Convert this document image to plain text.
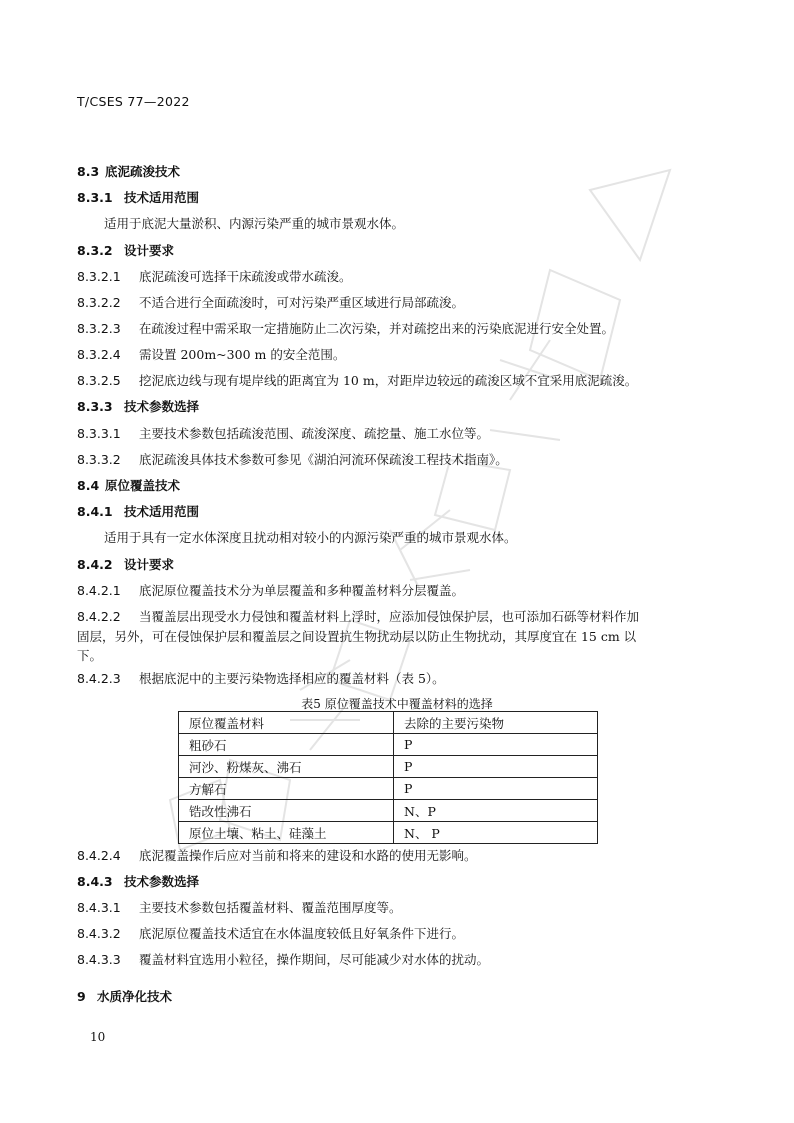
T/CSES 77—2022
8.3 底泥疏浚技术
8.3.1 技术适用范围
适用于底泥大量淤积、内源污染严重的城市景观水体。
8.3.2 设计要求
8.3.2.1 底泥疏浚可选择干床疏浚或带水疏浚。
8.3.2.2 不适合进行全面疏浚时，可对污染严重区域进行局部疏浚。
8.3.2.3 在疏浚过程中需采取一定措施防止二次污染，并对疏挖出来的污染底泥进行安全处置。
8.3.2.4 需设置 200m~300 m 的安全范围。
8.3.2.5 挖泥底边线与现有堤岸线的距离宜为 10 m，对距岸边较远的疏浚区域不宜采用底泥疏浚。
8.3.3 技术参数选择
8.3.3.1 主要技术参数包括疏浚范围、疏浚深度、疏挖量、施工水位等。
8.3.3.2 底泥疏浚具体技术参数可参见《湖泊河流环保疏浚工程技术指南》。
8.4 原位覆盖技术
8.4.1 技术适用范围
适用于具有一定水体深度且扰动相对较小的内源污染严重的城市景观水体。
8.4.2 设计要求
8.4.2.1 底泥原位覆盖技术分为单层覆盖和多种覆盖材料分层覆盖。
8.4.2.2 当覆盖层出现受水力侵蚀和覆盖材料上浮时，应添加侵蚀保护层，也可添加石砾等材料作加
固层，另外，可在侵蚀保护层和覆盖层之间设置抗生物扰动层以防止生物扰动，其厚度宜在 15 cm 以
下。
8.4.2.3 根据底泥中的主要污染物选择相应的覆盖材料（表 5）。
表5 原位覆盖技术中覆盖材料的选择
原位覆盖材料	去除的主要污染物
粗砂石	P
河沙、粉煤灰、沸石	P
方解石	P
锆改性沸石	N、P
原位土壤、粘土、硅藻土	N、 P
8.4.2.4 底泥覆盖操作后应对当前和将来的建设和水路的使用无影响。
8.4.3 技术参数选择
8.4.3.1 主要技术参数包括覆盖材料、覆盖范围厚度等。
8.4.3.2 底泥原位覆盖技术适宜在水体温度较低且好氧条件下进行。
8.4.3.3 覆盖材料宜选用小粒径，操作期间，尽可能减少对水体的扰动。
9 水质净化技术
10
